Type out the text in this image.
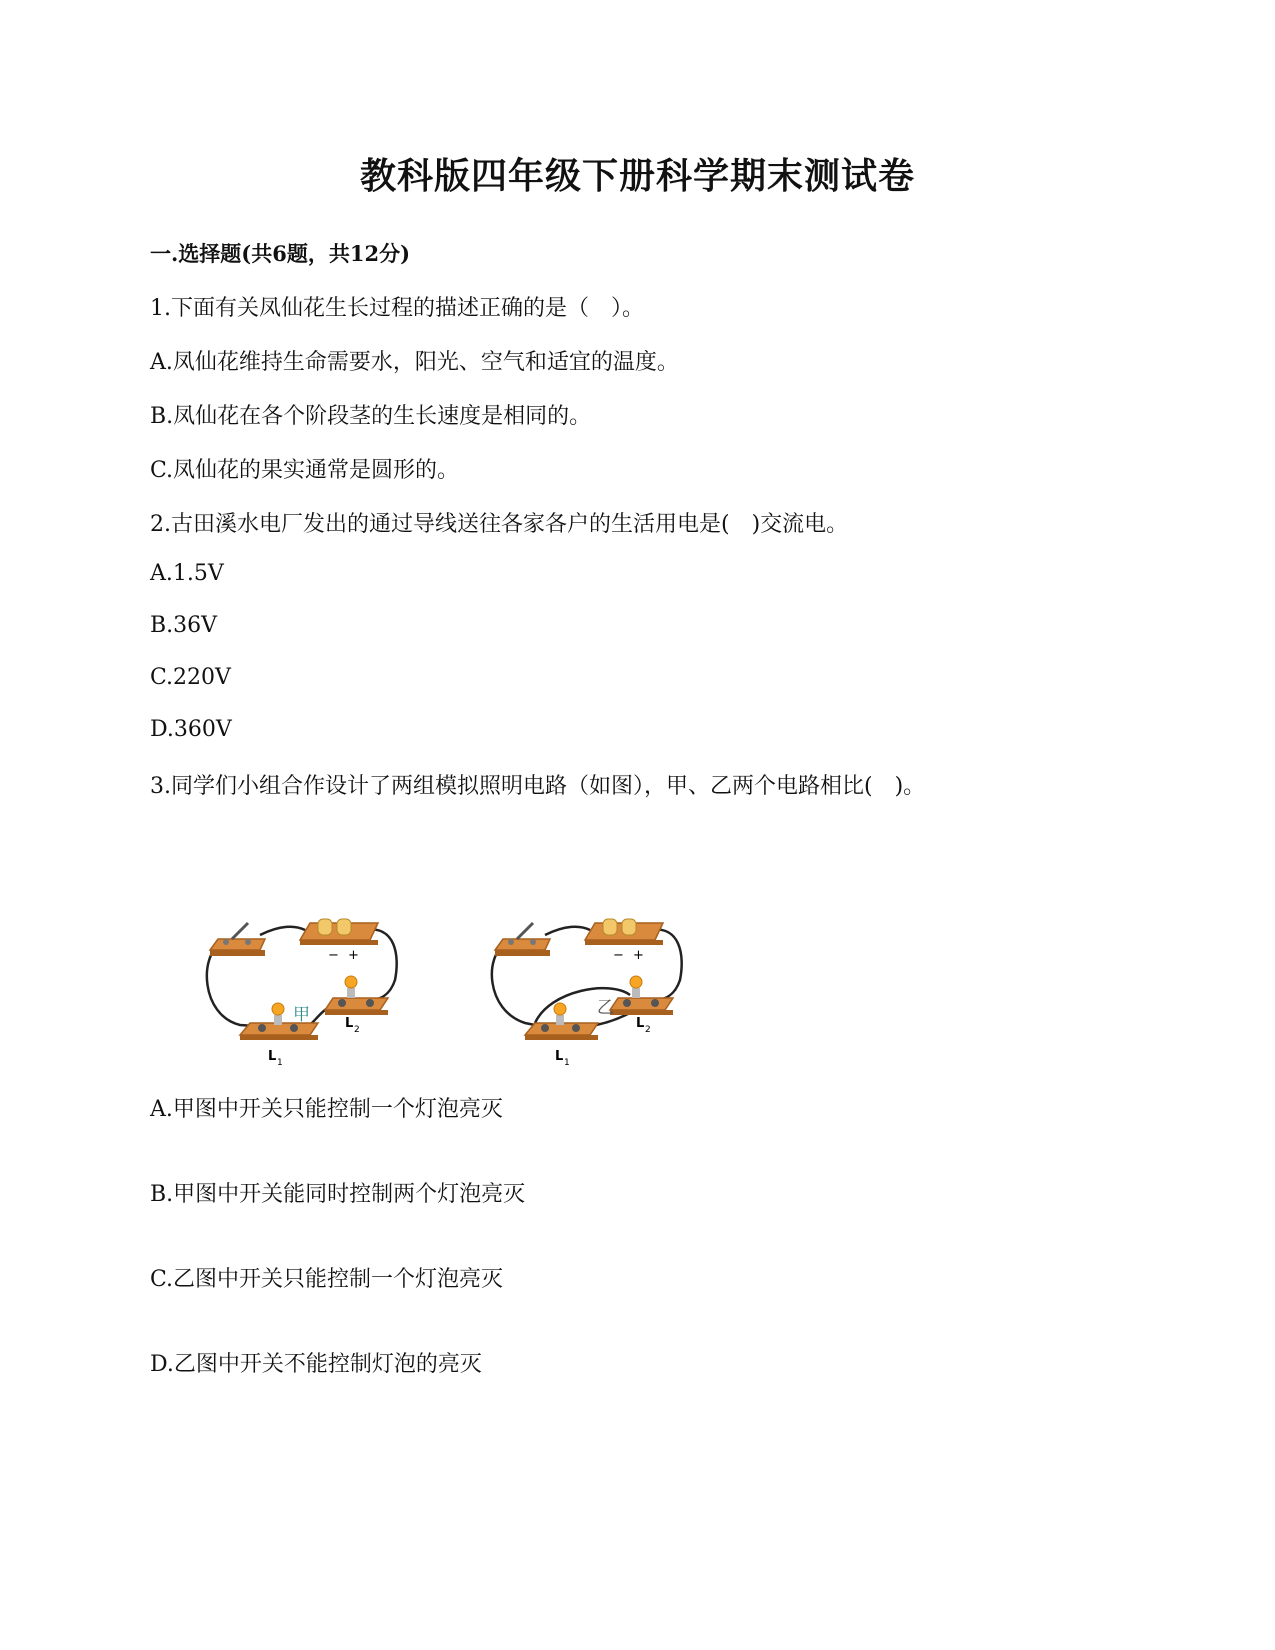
教科版四年级下册科学期末测试卷
一.选择题(共6题，共12分)
1.下面有关凤仙花生长过程的描述正确的是（　）。
A.凤仙花维持生命需要水，阳光、空气和适宜的温度。
B.凤仙花在各个阶段茎的生长速度是相同的。
C.凤仙花的果实通常是圆形的。
2.古田溪水电厂发出的通过导线送往各家各户的生活用电是(　)交流电。
A.1.5V
B.36V
C.220V
D.360V
3.同学们小组合作设计了两组模拟照明电路（如图），甲、乙两个电路相比(　)。
− +
L 1
L 2
− +
L 1
L 2
甲	乙
A.甲图中开关只能控制一个灯泡亮灭
B.甲图中开关能同时控制两个灯泡亮灭
C.乙图中开关只能控制一个灯泡亮灭
D.乙图中开关不能控制灯泡的亮灭
